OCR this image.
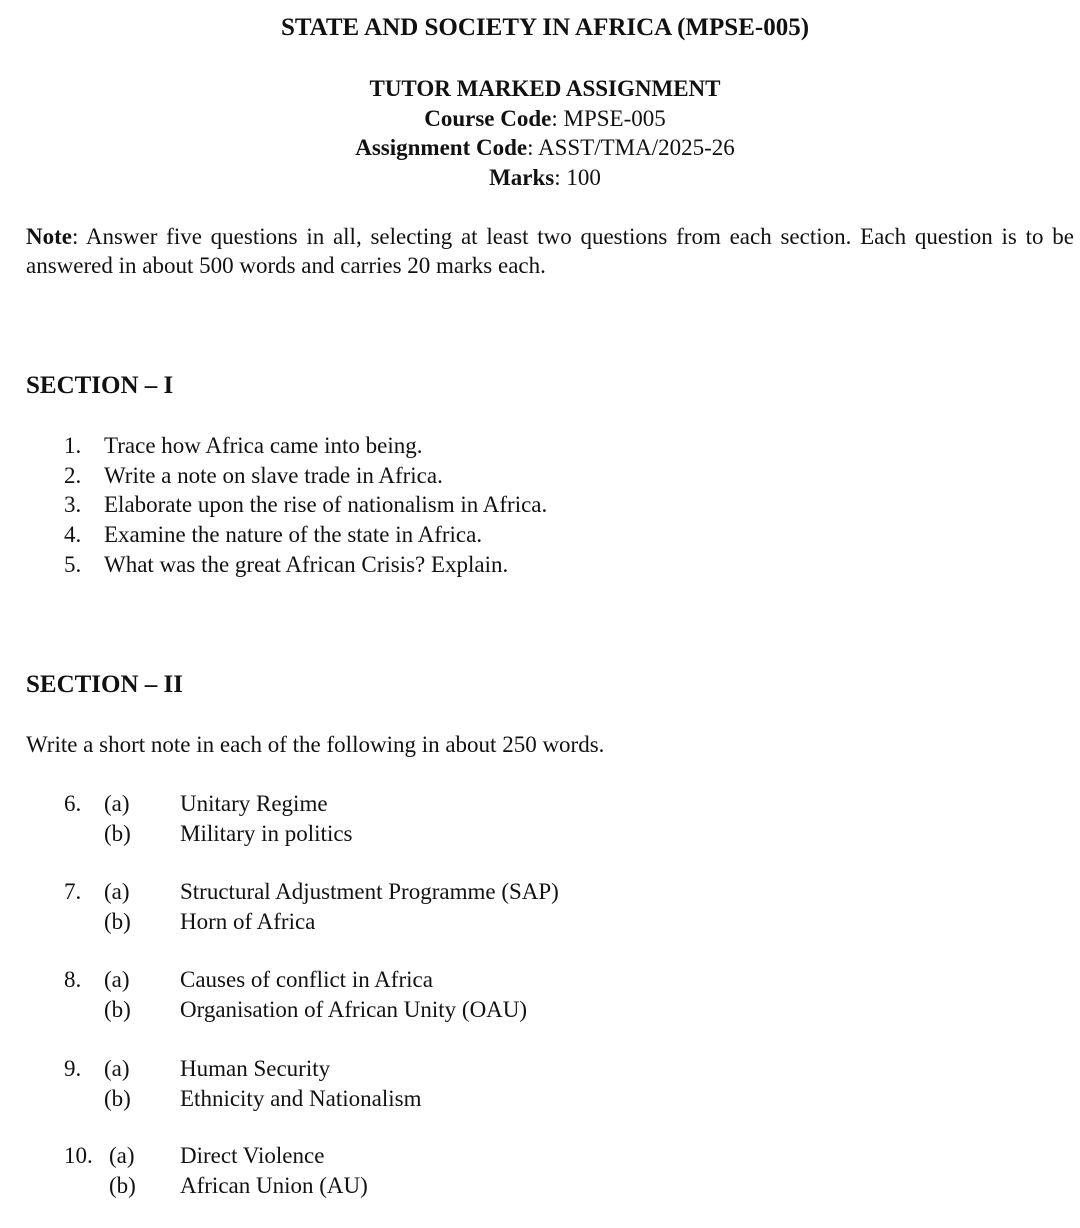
STATE AND SOCIETY IN AFRICA (MPSE-005)
TUTOR MARKED ASSIGNMENT
Course Code: MPSE-005
Assignment Code: ASST/TMA/2025-26
Marks: 100
Note: Answer five questions in all, selecting at least two questions from each section. Each question is to be answered in about 500 words and carries 20 marks each.
SECTION – I
1. Trace how Africa came into being.
2. Write a note on slave trade in Africa.
3. Elaborate upon the rise of nationalism in Africa.
4. Examine the nature of the state in Africa.
5. What was the great African Crisis? Explain.
SECTION – II
Write a short note in each of the following in about 250 words.
6. (a) Unitary Regime
(b) Military in politics
7. (a) Structural Adjustment Programme (SAP)
(b) Horn of Africa
8. (a) Causes of conflict in Africa
(b) Organisation of African Unity (OAU)
9. (a) Human Security
(b) Ethnicity and Nationalism
10. (a) Direct Violence
(b) African Union (AU)
